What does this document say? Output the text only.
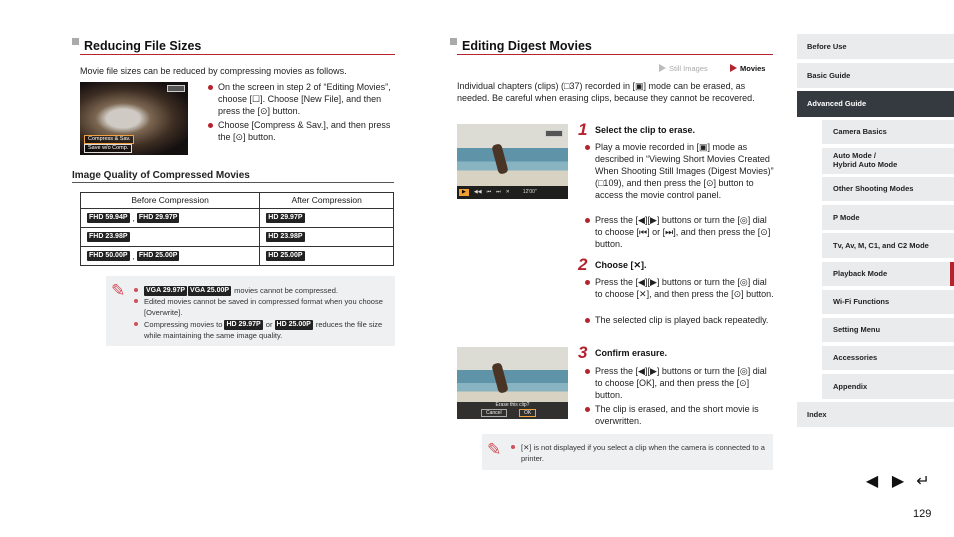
Reducing File Sizes
Movie file sizes can be reduced by compressing movies as follows.
Compress & Sav.Save w/o Comp.
Cancel
On the screen in step 2 of “Editing Movies”, choose [☐]. Choose [New File], and then press the [⊙] button.
Choose [Compress & Sav.], and then press the [⊙] button.
Image Quality of Compressed Movies
Before Compression	After Compression
FHD 59.94P , FHD 29.97P	HD 29.97P
FHD 23.98P	HD 23.98P
FHD 50.00P , FHD 25.00P	HD 25.00P
✎	VGA 29.97P VGA 25.00P movies cannot be compressed.
Edited movies cannot be saved in compressed format when you choose [Overwrite].
Compressing movies to HD 29.97P or HD 25.00P reduces the file size while maintaining the same image quality.
Editing Digest Movies
Still Images	Movies
Individual chapters (clips) (□37) recorded in [▣] mode can be erased, as needed. Be careful when erasing clips, because they cannot be recovered.
▶	◀◀ ⏮ ⏭ ✕	12'00"
1 Select the clip to erase.
Play a movie recorded in [▣] mode as described in “Viewing Short Movies Created When Shooting Still Images (Digest Movies)” (□109), and then press the [⊙] button to access the movie control panel.
Press the [◀][▶] buttons or turn the [◎] dial to choose [⏮] or [⏭], and then press the [⊙] button.
2 Choose [✕].
Press the [◀][▶] buttons or turn the [◎] dial to choose [✕], and then press the [⊙] button.
The selected clip is played back repeatedly.
Erase this clip?
Cancel	OK
3 Confirm erasure.
Press the [◀][▶] buttons or turn the [◎] dial to choose [OK], and then press the [⊙] button.
The clip is erased, and the short movie is overwritten.
✎	[✕] is not displayed if you select a clip when the camera is connected to a printer.
Before Use
Basic Guide
Advanced Guide
Camera Basics
Auto Mode /
Hybrid Auto Mode
Other Shooting Modes
P Mode
Tv, Av, M, C1, and C2 Mode
Playback Mode
Wi-Fi Functions
Setting Menu
Accessories
Appendix
Index
◀ ▶ ↵
129
